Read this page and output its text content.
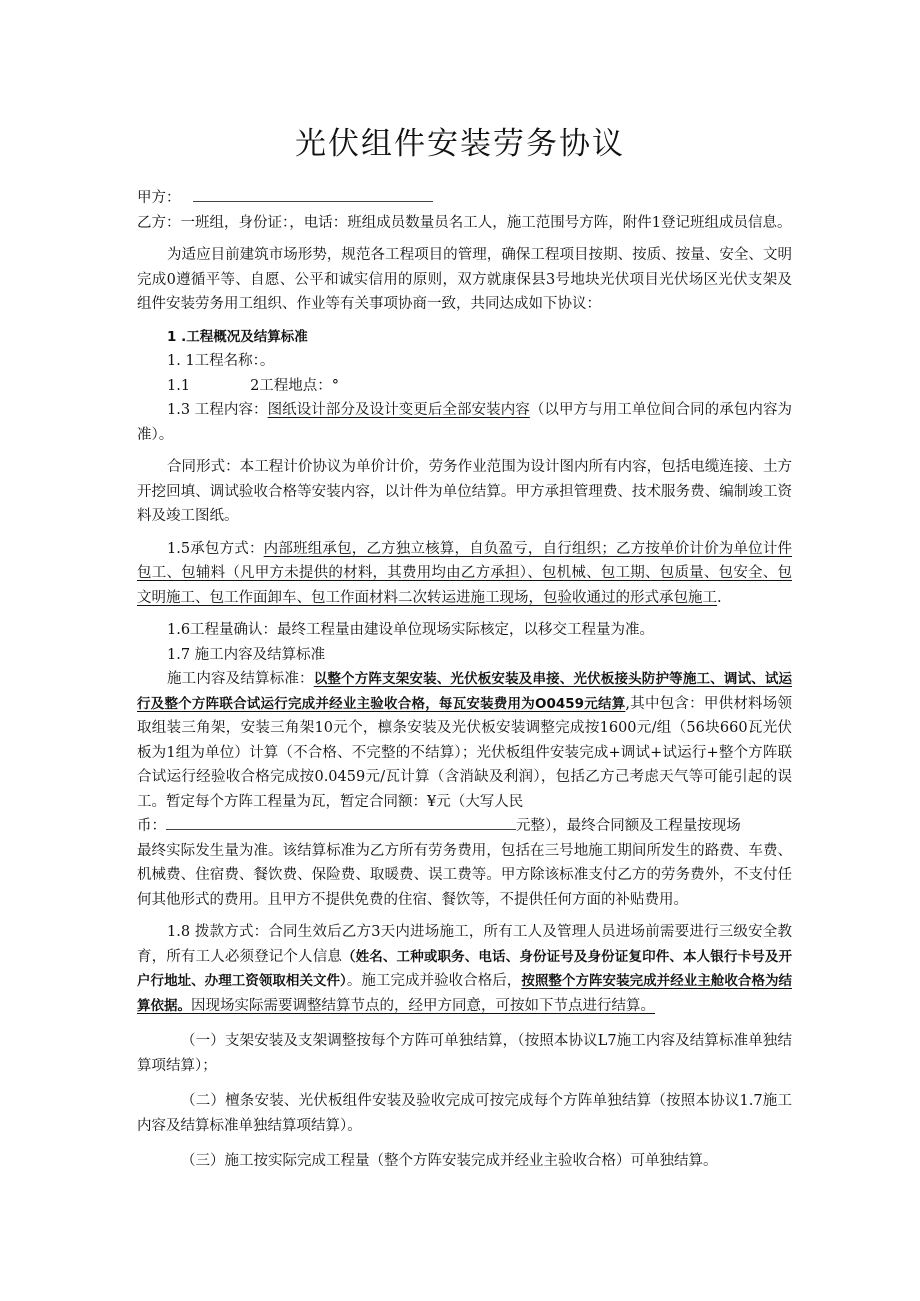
光伏组件安装劳务协议

甲方：

乙方：一班组，身份证：，电话：班组成员数量员名工人，施工范围号方阵，附件1登记班组成员信息。

为适应目前建筑市场形势，规范各工程项目的管理，确保工程项目按期、按质、按量、安全、文明完成0遵循平等、自愿、公平和诚实信用的原则，双方就康保县3号地块光伏项目光伏场区光伏支架及组件安装劳务用工组织、作业等有关事项协商一致，共同达成如下协议：

1 .工程概况及结算标准

1. 1工程名称：。

1.1	2工程地点：°

1.3 工程内容：图纸设计部分及设计变更后全部安装内容（以甲方与用工单位间合同的承包内容为准）。

合同形式：本工程计价协议为单价计价，劳务作业范围为设计图内所有内容，包括电缆连接、土方开挖回填、调试验收合格等安装内容，以计件为单位结算。甲方承担管理费、技术服务费、编制竣工资料及竣工图纸。

1.5承包方式：内部班组承包，乙方独立核算，自负盈亏，自行组织；乙方按单价计价为单位计件包工、包辅料（凡甲方未提供的材料，其费用均由乙方承担）、包机械、包工期、包质量、包安全、包文明施工、包工作面卸车、包工作面材料二次转运进施工现场，包验收通过的形式承包施工.

1.6工程量确认：最终工程量由建设单位现场实际核定，以移交工程量为准。

1.7 施工内容及结算标准

施工内容及结算标准：以整个方阵支架安装、光伏板安装及串接、光伏板接头防护等施工、调试、试运行及整个方阵联合试运行完成并经业主验收合格，每瓦安装费用为O0459元结算,其中包含：甲供材料场领取组装三角架，安装三角架10元个，檩条安装及光伏板安装调整完成按1600元/组（56块660瓦光伏板为1组为单位）计算（不合格、不完整的不结算）；光伏板组件安装完成+调试+试运行+整个方阵联合试运行经验收合格完成按0.0459元/瓦计算（含消缺及利润），包括乙方己考虑天气等可能引起的误工。暂定每个方阵工程量为瓦，暂定合同额：¥元（大写人民

币：	元整），最终合同额及工程量按现场

最终实际发生量为准。该结算标准为乙方所有劳务费用，包括在三号地施工期间所发生的路费、车费、机械费、住宿费、餐饮费、保险费、取暖费、误工费等。甲方除该标准支付乙方的劳务费外，不支付任何其他形式的费用。且甲方不提供免费的住宿、餐饮等，不提供任何方面的补贴费用。

1.8 拨款方式：合同生效后乙方3天内进场施工，所有工人及管理人员进场前需要进行三级安全教育，所有工人必须登记个人信息（姓名、工种或职务、电话、身份证号及身份证复印件、本人银行卡号及开户行地址、办理工资领取相关文件）。施工完成并验收合格后，按照整个方阵安装完成并经业主舱收合格为结算依据。因现场实际需要调整结算节点的，经甲方同意，可按如下节点进行结算。

（一）支架安装及支架调整按每个方阵可单独结算，（按照本协议L7施工内容及结算标准单独结算项结算）；

（二）檀条安装、光伏板组件安装及验收完成可按完成每个方阵单独结算（按照本协议1.7施工内容及结算标准单独结算项结算）。

（三）施工按实际完成工程量（整个方阵安装完成并经业主验收合格）可单独结算。
